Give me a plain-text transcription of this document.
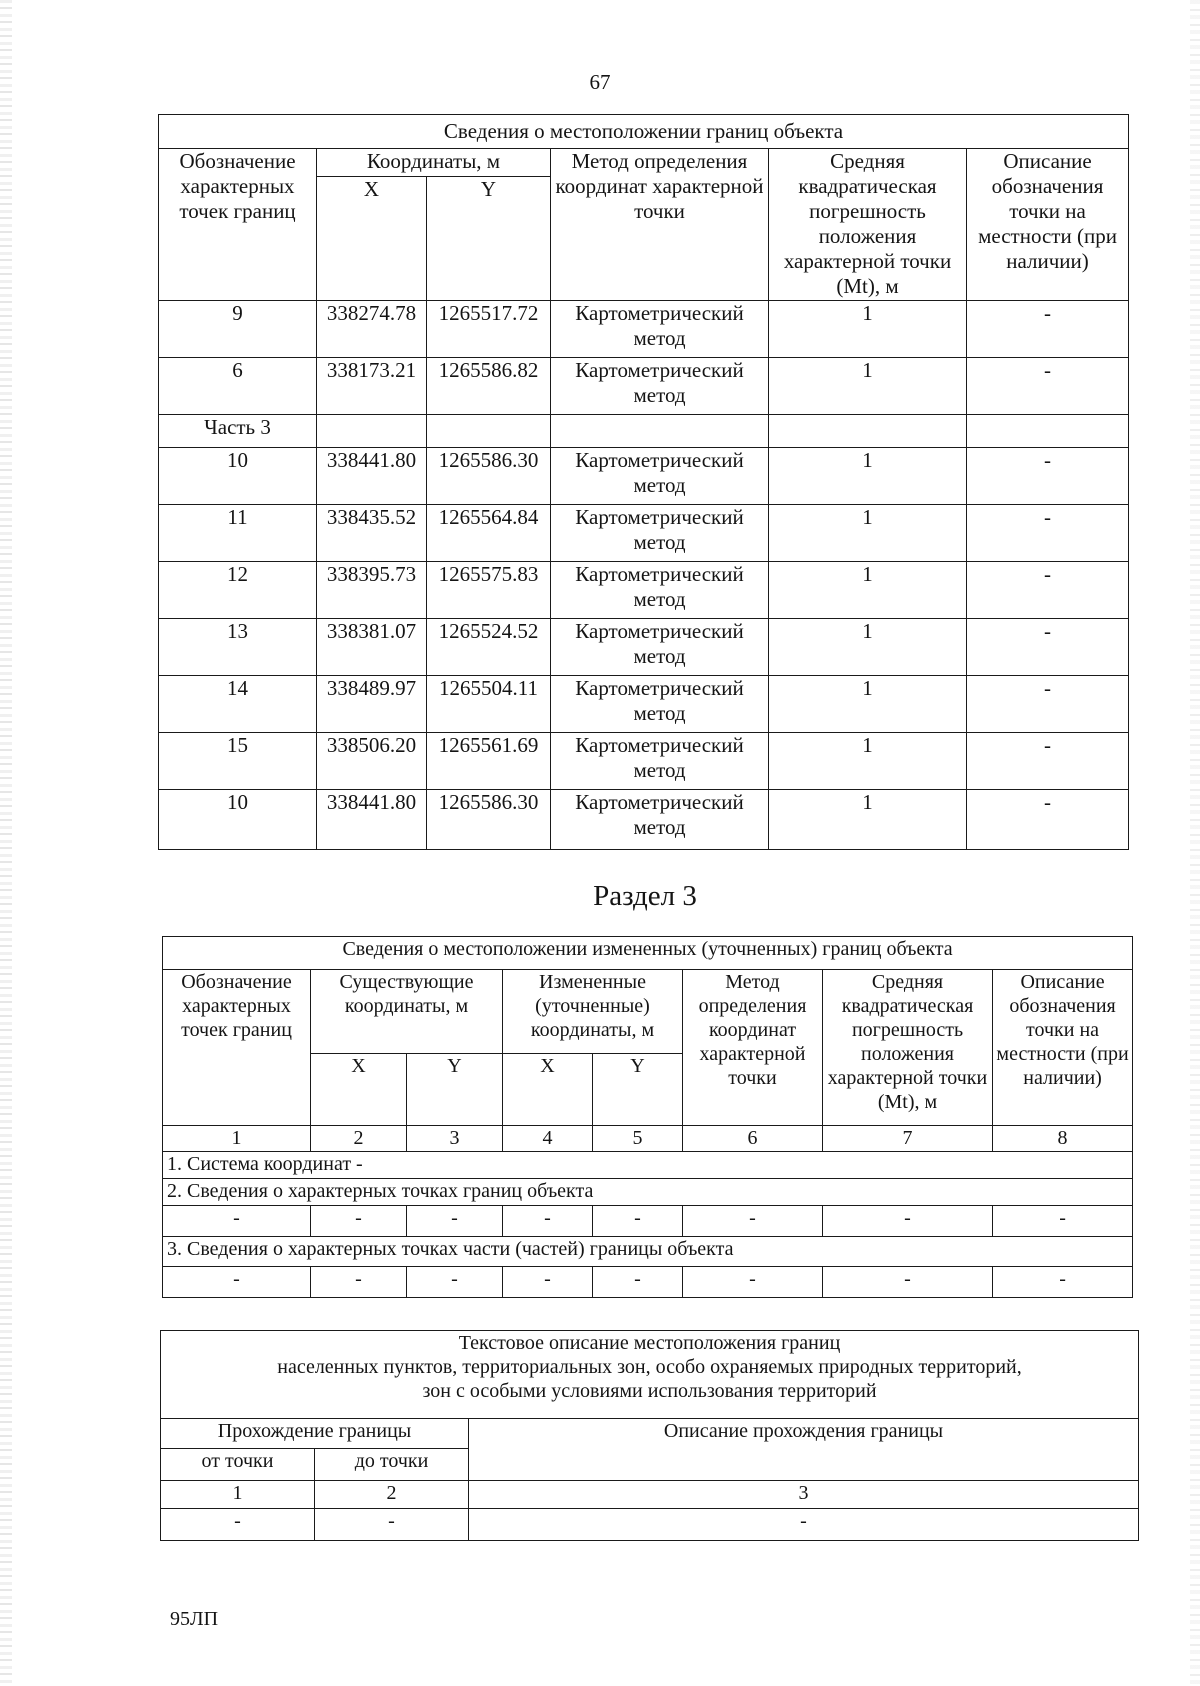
67
Сведения о местоположении границ объекта					
Обозначение характерных точек границ	Координаты, м		Метод определения координат характерной точки	Средняя квадратическая погрешность положения характерной точки (Mt), м	Описание обозначения точки на местности (при наличии)
	X	Y			
9	338274.78	1265517.72	Картометрический метод	1	-
6	338173.21	1265586.82	Картометрический метод	1	-
Часть 3					
10	338441.80	1265586.30	Картометрический метод	1	-
11	338435.52	1265564.84	Картометрический метод	1	-
12	338395.73	1265575.83	Картометрический метод	1	-
13	338381.07	1265524.52	Картометрический метод	1	-
14	338489.97	1265504.11	Картометрический метод	1	-
15	338506.20	1265561.69	Картометрический метод	1	-
10	338441.80	1265586.30	Картометрический метод	1	-
Раздел 3
Сведения о местоположении измененных (уточненных) границ объекта							
Обозначение характерных точек границ	Существующие координаты, м		Измененные (уточненные) координаты, м		Метод определения координат характерной точки	Средняя квадратическая погрешность положения характерной точки (Mt), м	Описание обозначения точки на местности (при наличии)
	X	Y	X	Y			
1	2	3	4	5	6	7	8
1. Система координат -							
2. Сведения о характерных точках границ объекта							
-	-	-	-	-	-	-	-
3. Сведения о характерных точках части (частей) границы объекта							
-	-	-	-	-	-	-	-
Текстовое описание местоположения границ
населенных пунктов, территориальных зон, особо охраняемых природных территорий,
зон с особыми условиями использования территорий		

Прохождение границы		Описание прохождения границы
от точки	до точки	
1	2	3
-	-	-
95ЛП
